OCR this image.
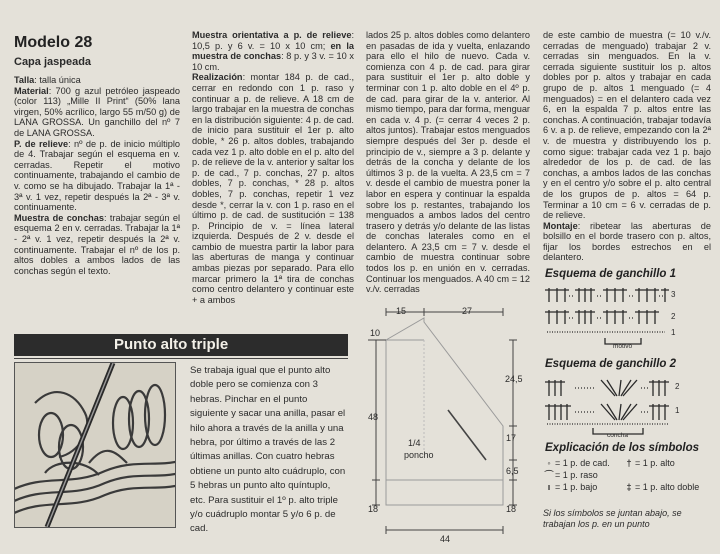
Modelo 28
Capa jaspeada

Talla: talla única

Material: 700 g azul petróleo jaspeado (color 113) „Mille II Print“ (50% lana virgen, 50% acrílico, largo 55 m/50 g) de LANA GROSSA. Un ganchillo del nº 7 de LANA GROSSA.

P. de relieve: nº de p. de inicio múltiplo de 4. Trabajar según el esquema en v. cerradas. Repetir el motivo continuamente, trabajando el cambio de v. como se ha dibujado. Trabajar la 1ª - 3ª v. 1 vez, repetir después la 2ª - 3ª v. continuamente.

Muestra de conchas: trabajar según el esquema 2 en v. cerradas. Trabajar la 1ª - 2ª v. 1 vez, repetir después la 2ª v. continuamente. Trabajar el nº de los p. altos dobles a ambos lados de las conchas según el texto.

Muestra orientativa a p. de relieve: 10,5 p. y 6 v. = 10 x 10 cm; en la muestra de conchas: 8 p. y 3 v. = 10 x 10 cm.

Realización: montar 184 p. de cad., cerrar en redondo con 1 p. raso y continuar a p. de relieve. A 18 cm de largo trabajar en la muestra de conchas en la distribución siguiente: 4 p. de cad. de inicio para sustituir el 1er p. alto doble, * 26 p. altos dobles, trabajando cada vez 1 p. alto doble en el p. alto del p. de relieve de la v. anterior y saltar los p. de cad., 7 p. conchas, 27 p. altos dobles, 7 p. conchas, * 28 p. altos dobles, 7 p. conchas, repetir 1 vez desde *, cerrar la v. con 1 p. raso en el último p. de cad. de sustitución = 138 p. Principio de v. = línea lateral izquierda. Después de 2 v. desde el cambio de muestra partir la labor para las aberturas de manga y continuar ambas piezas por separado. Para ello marcar primero la 1ª tira de conchas como centro delantero y continuar este + a ambos

lados 25 p. altos dobles como delantero en pasadas de ida y vuelta, enlazando para ello el hilo de nuevo. Cada v. comienza con 4 p. de cad. para girar para sustituir el 1er p. alto doble y terminar con 1 p. alto doble en el 4º p. de cad. para girar de la v. anterior. Al mismo tiempo, para dar forma, menguar en cada v. 4 p. (= cerrar 4 veces 2 p. altos juntos). Trabajar estos menguados siempre después del 3er p. desde el principio de v., siempre a 3 p. delante y detrás de la concha y delante de los últimos 3 p. de la vuelta. A 23,5 cm = 7 v. desde el cambio de muestra poner la labor en espera y continuar la espalda sobre los p. restantes, trabajando los menguados a ambos lados del centro trasero y detrás y/o delante de las listas de conchas laterales como en el delantero. A 23,5 cm = 7 v. desde el cambio de muestra continuar sobre todos los p. en unión en v. cerradas. Continuar los menguados. A 40 cm = 12 v./v. cerradas

de este cambio de muestra (= 10 v./v. cerradas de menguado) trabajar 2 v. cerradas sin menguados. En la v. cerrada siguiente sustituir los p. altos dobles por p. altos y trabajar en cada grupo de p. altos 1 menguado (= 4 menguados) = en el delantero cada vez 6, en la espalda 7 p. altos entre las conchas. A continuación, trabajar todavía 6 v. a p. de relieve, empezando con la 2ª v. de muestra y distribuyendo los p. como sigue: trabajar cada vez 1 p. bajo alrededor de los p. de cad. de las conchas, a ambos lados de las conchas y en el centro y/o sobre el p. alto central de los grupos de p. altos = 64 p. Terminar a 10 cm = 6 v. cerradas de p. de relieve.

Montaje: ribetear las aberturas de bolsillo en el borde trasero con p. altos, fijar los bordes estrechos en el delantero.

Punto alto triple
Se trabaja igual que el punto alto doble pero se comienza con 3 hebras. Pinchar en el punto siguiente y sacar una anilla, pasar el hilo ahora a través de la anilla y una hebra, por último a través de las 2 últimas anillas. Con cuatro hebras obtiene un punto alto cuádruplo, con 5 hebras un punto alto quíntuplo, etc. Para sustituir el 1º p. alto triple y/o cuádruplo montar 5 y/o 6 p. de cad.
15	27
10
48
18
24,5
17
6,5
18
44
1/4
poncho
Esquema de ganchillo 1
3
2
1
motivo
Esquema de ganchillo 2
2
1
concha
Explicación de los símbolos
◦ = 1 p. de cad.	† = 1 p. alto
⌒ = 1 p. raso
ı = 1 p. bajo	‡ = 1 p. alto doble
Si los símbolos se juntan abajo, se trabajan los p. en un punto
